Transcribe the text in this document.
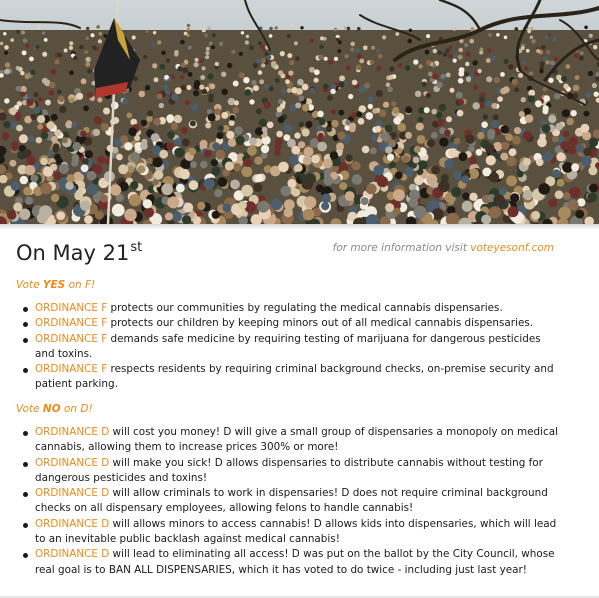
On May 21st	for more information visit voteyesonf.com
Vote YES on F!
ORDINANCE F protects our communities by regulating the medical cannabis dispensaries.
ORDINANCE F protects our children by keeping minors out of all medical cannabis dispensaries.
ORDINANCE F demands safe medicine by requiring testing of marijuana for dangerous pesticides and toxins.
ORDINANCE F respects residents by requiring criminal background checks, on-premise security and patient parking.
Vote NO on D!
ORDINANCE D will cost you money! D will give a small group of dispensaries a monopoly on medical cannabis, allowing them to increase prices 300% or more!
ORDINANCE D will make you sick! D allows dispensaries to distribute cannabis without testing for dangerous pesticides and toxins!
ORDINANCE D will allow criminals to work in dispensaries! D does not require criminal background checks on all dispensary employees, allowing felons to handle cannabis!
ORDINANCE D will allows minors to access cannabis! D allows kids into dispensaries, which will lead to an inevitable public backlash against medical cannabis!
ORDINANCE D will lead to eliminating all access! D was put on the ballot by the City Council, whose real goal is to BAN ALL DISPENSARIES, which it has voted to do twice - including just last year!
